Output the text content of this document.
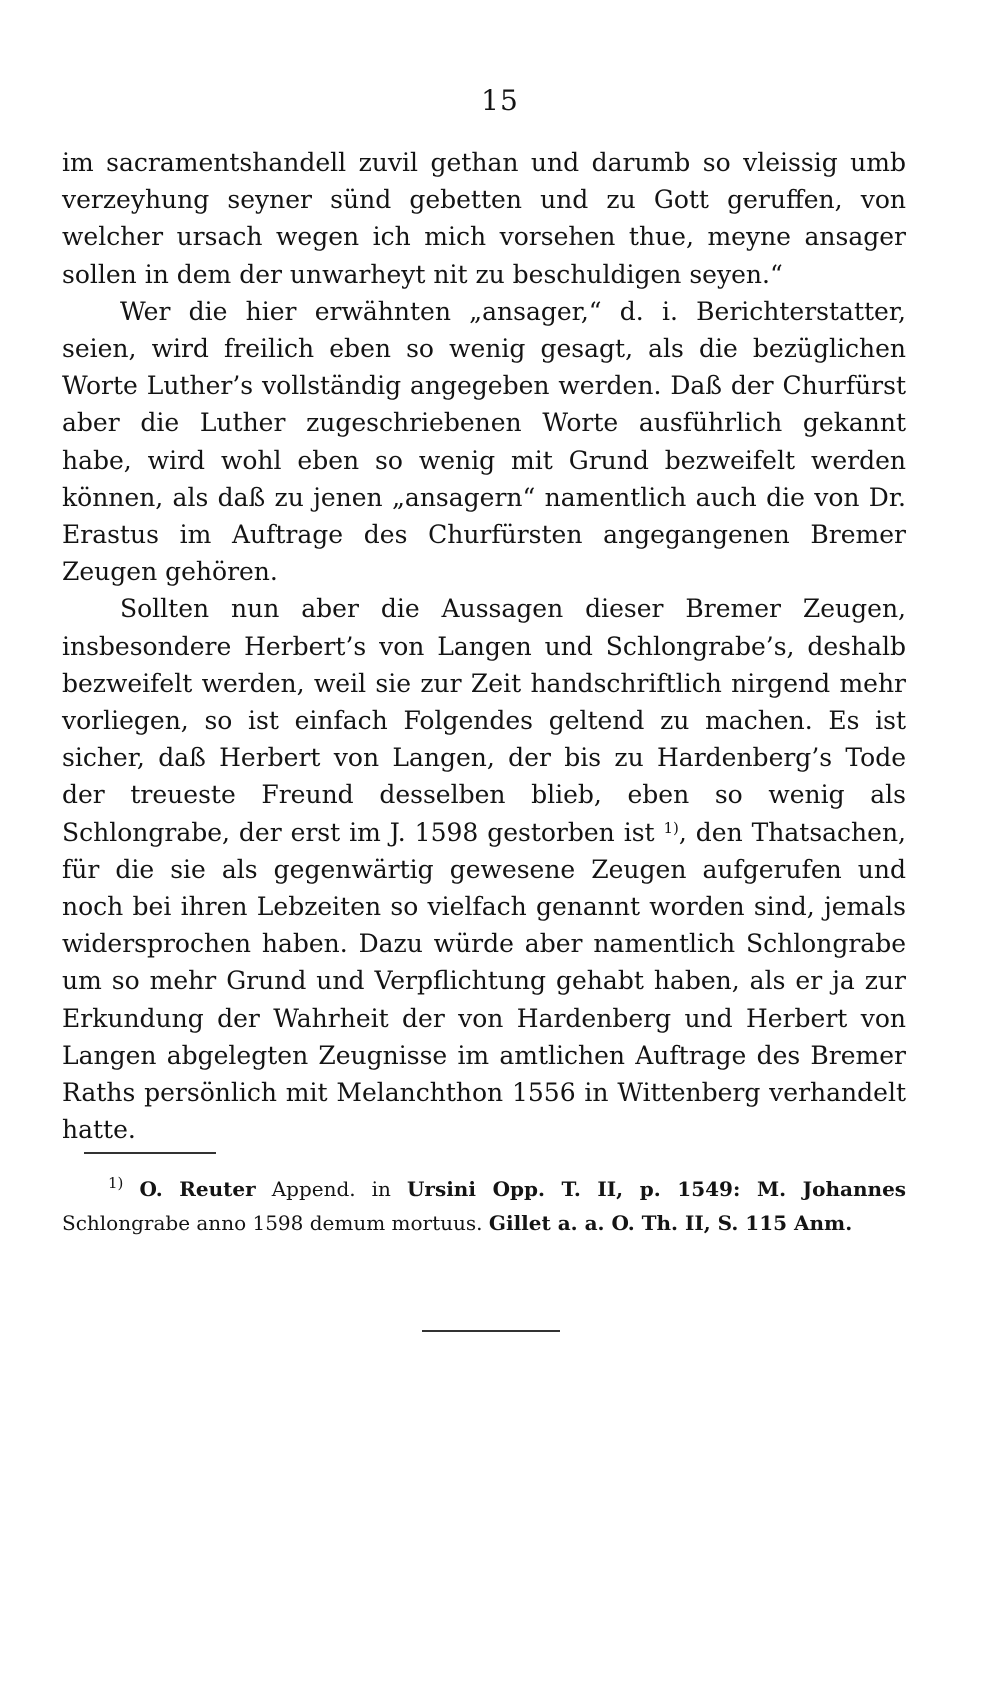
15

im sacramentshandell zuvil gethan und darumb so vleissig umb verzeyhung seyner sünd gebetten und zu Gott geruffen, von welcher ursach wegen ich mich vorsehen thue, meyne ansager sollen in dem der unwarheyt nit zu beschuldigen seyen.“

Wer die hier erwähnten „ansager,“ d. i. Berichterstatter, seien, wird freilich eben so wenig gesagt, als die bezüglichen Worte Luther’s vollständig angegeben werden. Daß der Churfürst aber die Luther zugeschriebenen Worte ausführlich gekannt habe, wird wohl eben so wenig mit Grund bezweifelt werden können, als daß zu jenen „ansagern“ namentlich auch die von Dr. Erastus im Auftrage des Churfürsten angegangenen Bremer Zeugen gehören.

Sollten nun aber die Aussagen dieser Bremer Zeugen, insbesondere Herbert’s von Langen und Schlongrabe’s, deshalb bezweifelt werden, weil sie zur Zeit handschriftlich nirgend mehr vorliegen, so ist einfach Folgendes geltend zu machen. Es ist sicher, daß Herbert von Langen, der bis zu Hardenberg’s Tode der treueste Freund desselben blieb, eben so wenig als Schlongrabe, der erst im J. 1598 gestorben ist $^{1)}$, den Thatsachen, für die sie als gegenwärtig gewesene Zeugen aufgerufen und noch bei ihren Lebzeiten so vielfach genannt worden sind, jemals widersprochen haben. Dazu würde aber namentlich Schlongrabe um so mehr Grund und Verpflichtung gehabt haben, als er ja zur Erkundung der Wahrheit der von Hardenberg und Herbert von Langen abgelegten Zeugnisse im amtlichen Auftrage des Bremer Raths persönlich mit Melanchthon 1556 in Wittenberg verhandelt hatte.

$^{1)}$ O. Reuter Append. in Ursini Opp. T. II, p. 1549: M. Johannes Schlongrabe anno 1598 demum mortuus. Gillet a. a. O. Th. II, S. 115 Anm.
